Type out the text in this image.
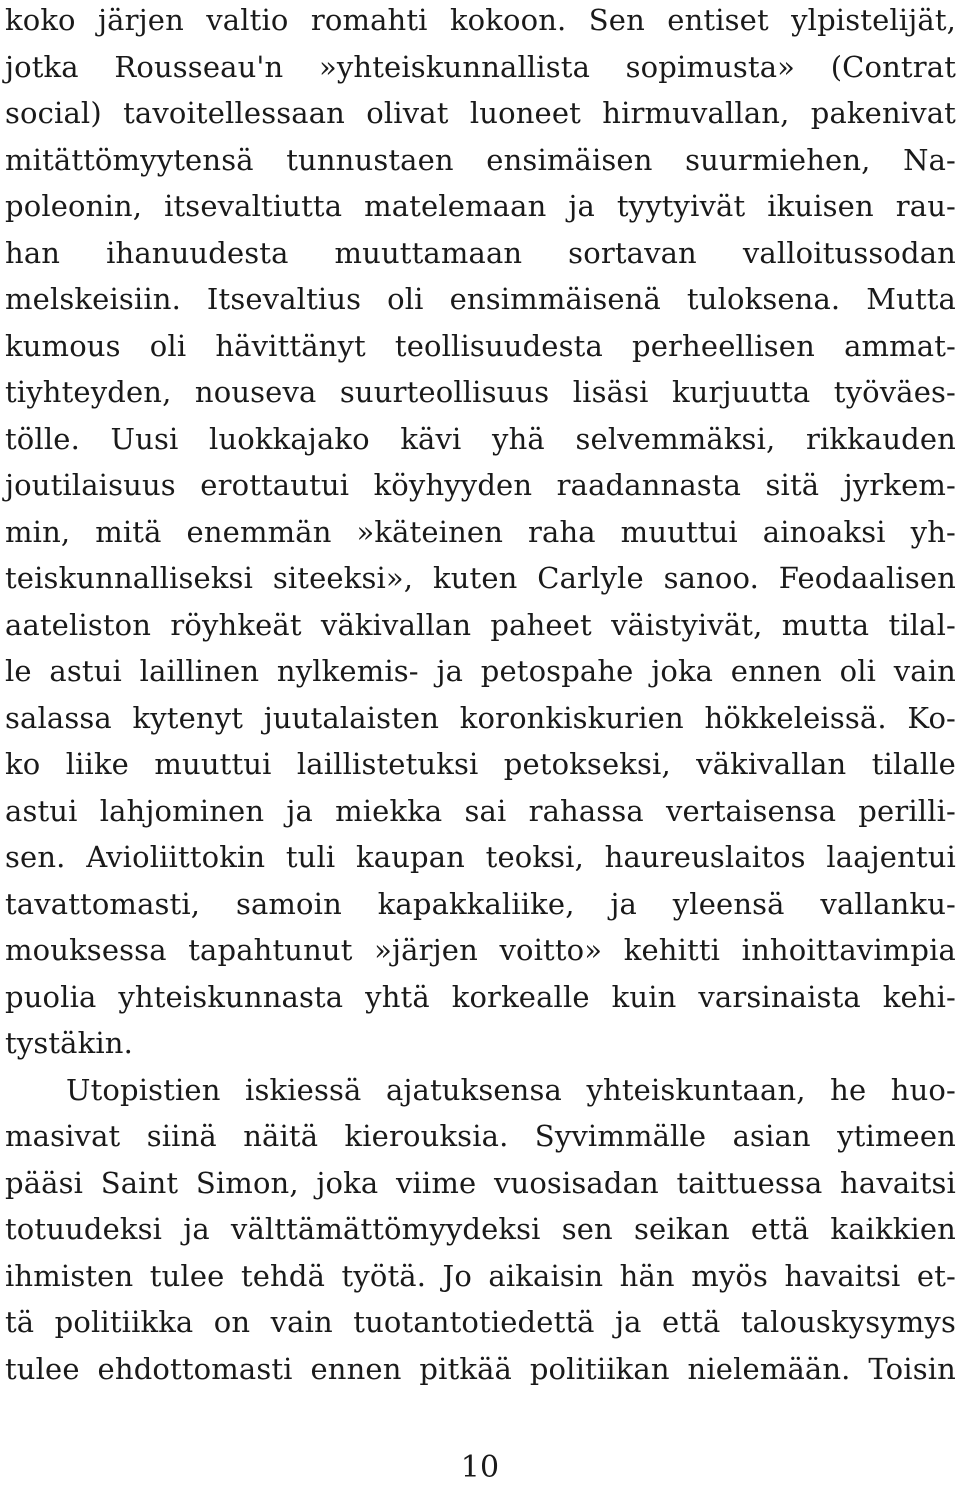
koko järjen valtio romahti kokoon. Sen entiset ylpistelijät,
jotka Rousseau'n »yhteiskunnallista sopimusta» (Contrat
social) tavoitellessaan olivat luoneet hirmuvallan, pakenivat
mitättömyytensä tunnustaen ensimäisen suurmiehen, Na-
poleonin, itsevaltiutta matelemaan ja tyytyivät ikuisen rau-
han ihanuudesta muuttamaan sortavan valloitussodan
melskeisiin. Itsevaltius oli ensimmäisenä tuloksena. Mutta
kumous oli hävittänyt teollisuudesta perheellisen ammat-
tiyhteyden, nouseva suurteollisuus lisäsi kurjuutta työväes-
tölle. Uusi luokkajako kävi yhä selvemmäksi, rikkauden
joutilaisuus erottautui köyhyyden raadannasta sitä jyrkem-
min, mitä enemmän »käteinen raha muuttui ainoaksi yh-
teiskunnalliseksi siteeksi», kuten Carlyle sanoo. Feodaalisen
aateliston röyhkeät väkivallan paheet väistyivät, mutta tilal-
le astui laillinen nylkemis- ja petospahe joka ennen oli vain
salassa kytenyt juutalaisten koronkiskurien hökkeleissä. Ko-
ko liike muuttui laillistetuksi petokseksi, väkivallan tilalle
astui lahjominen ja miekka sai rahassa vertaisensa perilli-
sen. Avioliittokin tuli kaupan teoksi, haureuslaitos laajentui
tavattomasti, samoin kapakkaliike, ja yleensä vallanku-
mouksessa tapahtunut »järjen voitto» kehitti inhoittavimpia
puolia yhteiskunnasta yhtä korkealle kuin varsinaista kehi-
tystäkin.
Utopistien iskiessä ajatuksensa yhteiskuntaan, he huo-
masivat siinä näitä kierouksia. Syvimmälle asian ytimeen
pääsi Saint Simon, joka viime vuosisadan taittuessa havaitsi
totuudeksi ja välttämättömyydeksi sen seikan että kaikkien
ihmisten tulee tehdä työtä. Jo aikaisin hän myös havaitsi et-
tä politiikka on vain tuotantotiedettä ja että talouskysymys
tulee ehdottomasti ennen pitkää politiikan nielemään. Toisin
10
